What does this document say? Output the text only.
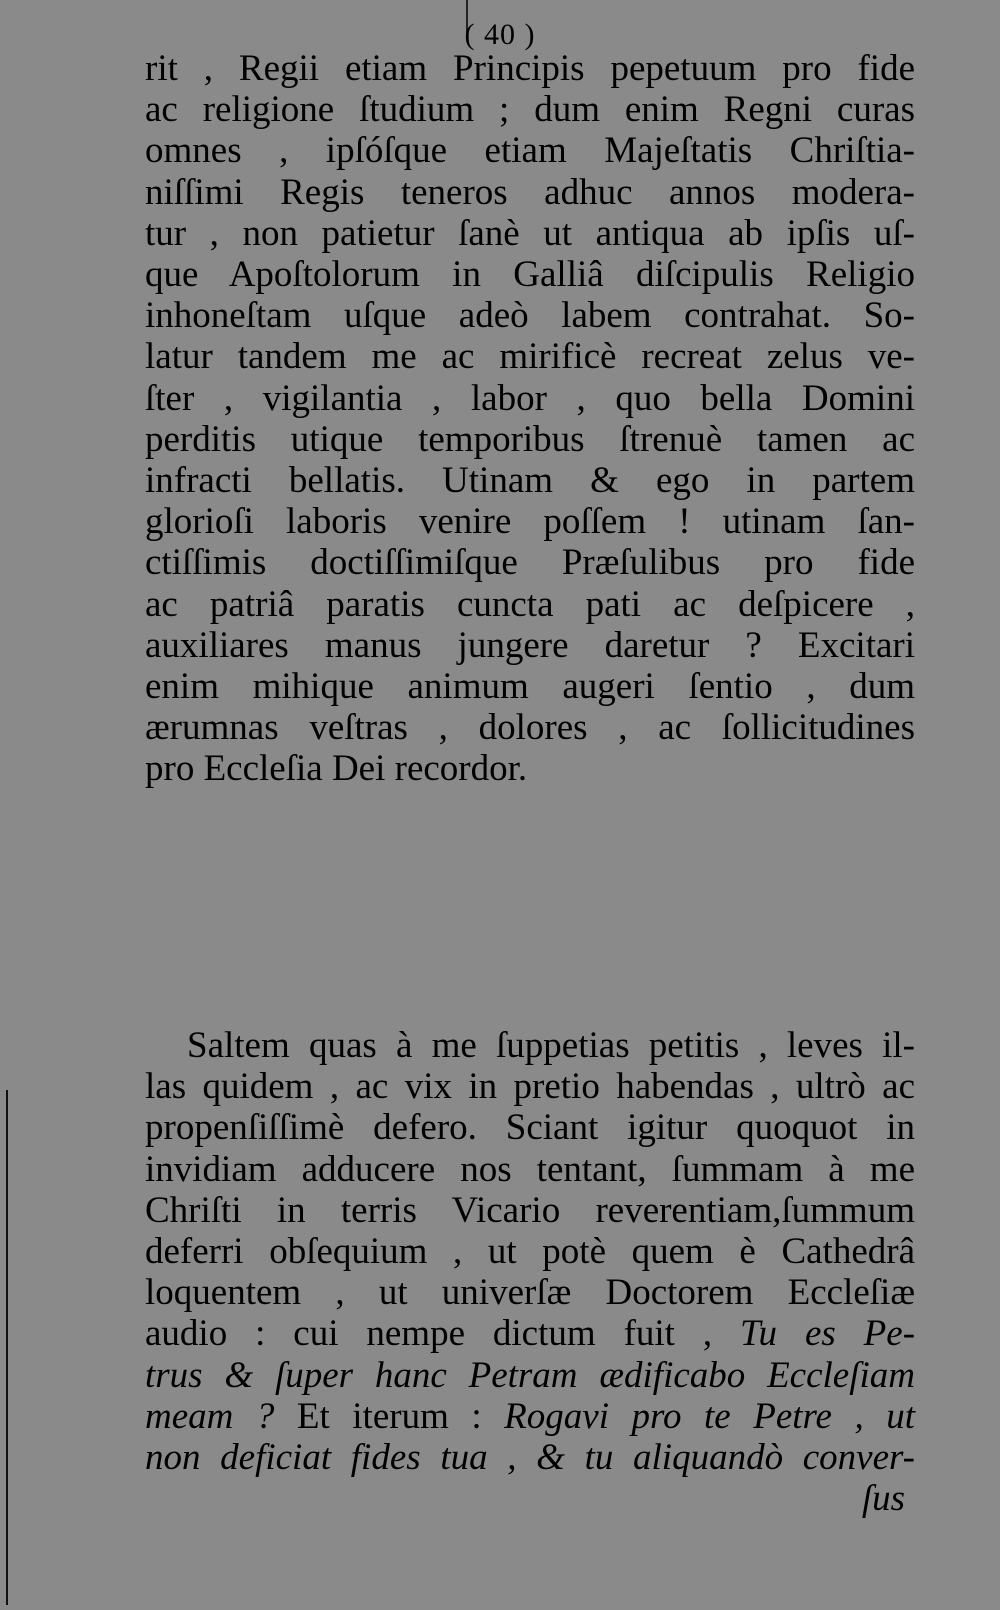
( 40 )
rit , Regii etiam Principis pepetuum pro fide
ac religione ſtudium ; dum enim Regni curas
omnes , ipſóſque etiam Majeſtatis Chriſtia-
niſſimi Regis teneros adhuc annos modera-
tur , non patietur ſanè ut antiqua ab ipſis uſ-
que Apoſtolorum in Galliâ diſcipulis Religio
inhoneſtam uſque adeò labem contrahat. So-
latur tandem me ac mirificè recreat zelus ve-
ſter , vigilantia , labor , quo bella Domini
perditis utique temporibus ſtrenuè tamen ac
infracti bellatis. Utinam & ego in partem
glorioſi laboris venire poſſem ! utinam ſan-
ctiſſimis doctiſſimiſque Præſulibus pro fide
ac patriâ paratis cuncta pati ac deſpicere ,
auxiliares manus jungere daretur ? Excitari
enim mihique animum augeri ſentio , dum
ærumnas veſtras , dolores , ac ſollicitudines
pro Eccleſia Dei recordor.
Saltem quas à me ſuppetias petitis , leves il-
las quidem , ac vix in pretio habendas , ultrò ac
propenſiſſimè defero. Sciant igitur quoquot in
invidiam adducere nos tentant, ſummam à me
Chriſti in terris Vicario reverentiam,ſummum
deferri obſequium , ut potè quem è Cathedrâ
loquentem , ut univerſæ Doctorem Eccleſiæ
audio : cui nempe dictum fuit , Tu es Pe-
trus & ſuper hanc Petram ædificabo Eccleſiam
meam ? Et iterum : Rogavi pro te Petre , ut
non deficiat fides tua , & tu aliquandò conver-
ſus
